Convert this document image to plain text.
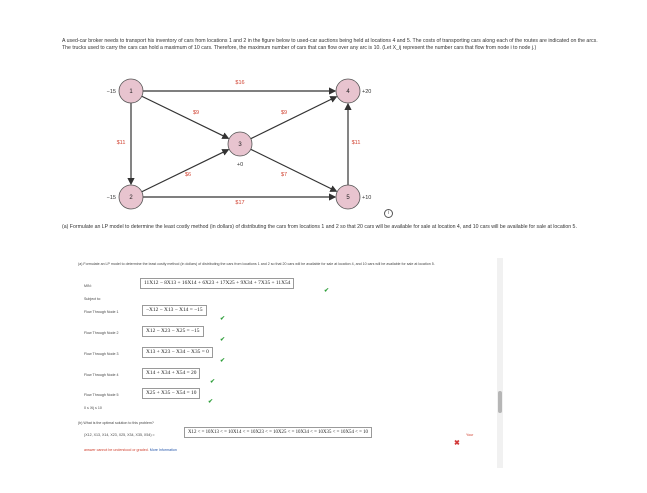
A used-car broker needs to transport his inventory of cars from locations 1 and 2 in the figure below to used-car auctions being held at locations 4 and 5. The costs of transporting cars along each of the routes are indicated on the arcs. The trucks used to carry the cars can hold a maximum of 10 cars. Therefore, the maximum number of cars that can flow over any arc is 10. (Let X_ij represent the number cars that flow from node i to node j.)
$16
$9
$11
$9
$6	$7
$17
$11
1
−15
2
−15
3
+0
4 +20
5 +10
i
(a) Formulate an LP model to determine the least costly method (in dollars) of distributing the cars from locations 1 and 2 so that 20 cars will be available for sale at location 4, and 10 cars will be available for sale at location 5.
(a) Formulate an LP model to determine the least costly method (in dollars) of distributing the cars from locations 1 and 2 so that 20 cars will be available for sale at location 4, and 10 cars will be available for sale at location 5.
MIN:	11X12 − 8X13 + 16X14 + 6X23 + 17X25 + 9X34 + 7X35 + 11X54
✔
Subject to:
Flow Through Node 1	−X12 − X13 − X14 = −15
✔
Flow Through Node 2	X12 − X23 − X25 = −15
✔
Flow Through Node 3	X13 + X23 − X34 − X35 = 0
✔
Flow Through Node 4	X14 + X34 + X54 = 20
✔
Flow Through Node 5	X25 + X35 − X54 = 10
✔
0 ≤ Xij ≤ 10
(b) What is the optimal solution to this problem?
(X12, X13, X14, X23, X25, X34, X35, X54) =	X12 < = 10X13 < = 10X14 < = 10X23 < = 10X25 < = 10X34 < = 10X35 < = 10X54 < = 10	Your
✖
answer cannot be understood or graded. More Information
